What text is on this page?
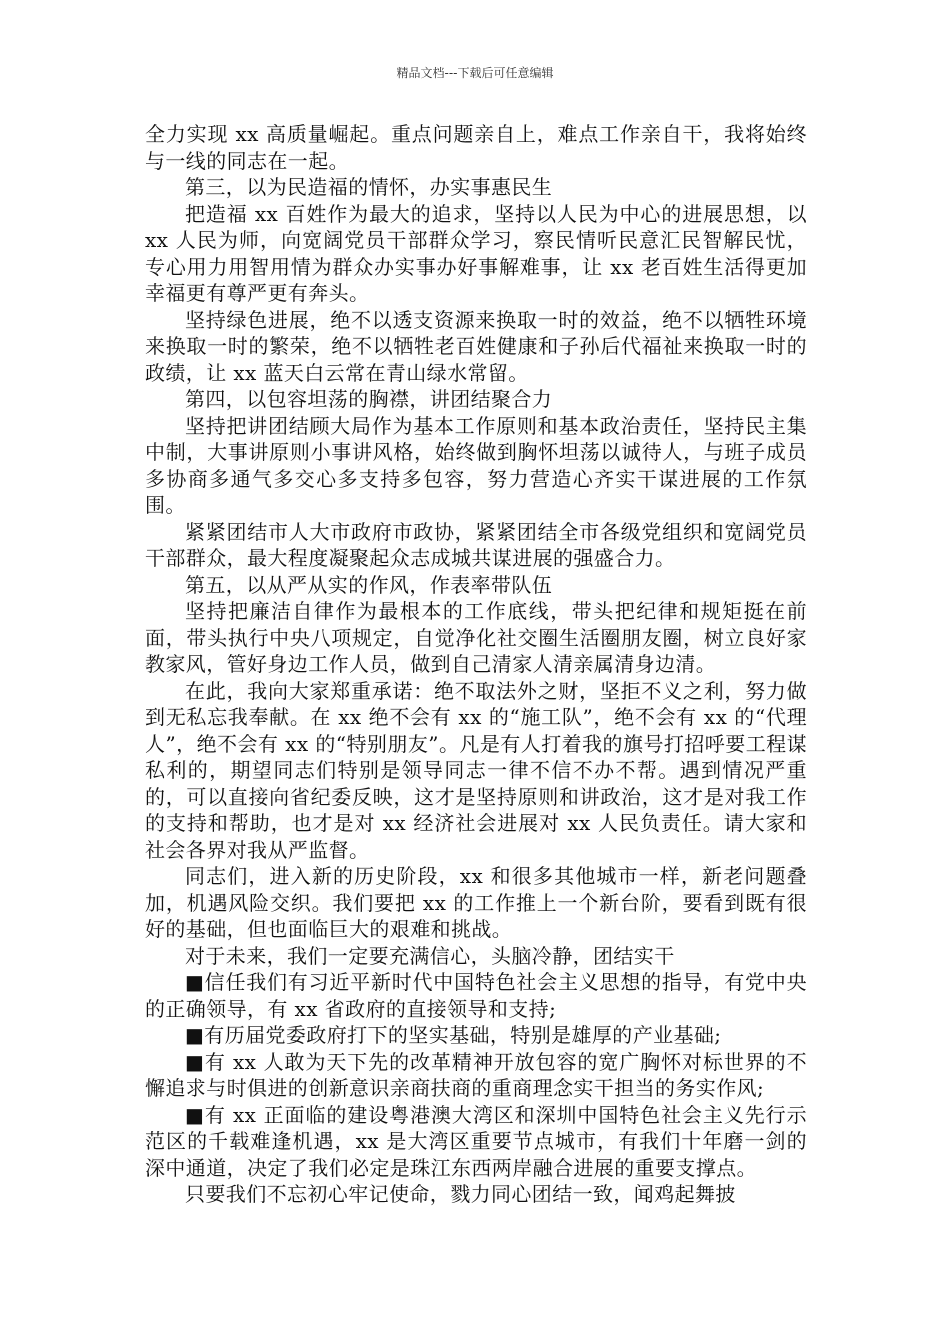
精品文档---下载后可任意编辑

全力实现 xx 高质量崛起。重点问题亲自上，难点工作亲自干，我将始终与一线的同志在一起。

第三，以为民造福的情怀，办实事惠民生

把造福 xx 百姓作为最大的追求，坚持以人民为中心的进展思想，以 xx 人民为师，向宽阔党员干部群众学习，察民情听民意汇民智解民忧，专心用力用智用情为群众办实事办好事解难事，让 xx 老百姓生活得更加幸福更有尊严更有奔头。

坚持绿色进展，绝不以透支资源来换取一时的效益，绝不以牺牲环境来换取一时的繁荣，绝不以牺牲老百姓健康和子孙后代福祉来换取一时的政绩，让 xx 蓝天白云常在青山绿水常留。

第四，以包容坦荡的胸襟，讲团结聚合力

坚持把讲团结顾大局作为基本工作原则和基本政治责任，坚持民主集中制，大事讲原则小事讲风格，始终做到胸怀坦荡以诚待人，与班子成员多协商多通气多交心多支持多包容，努力营造心齐实干谋进展的工作氛围。

紧紧团结市人大市政府市政协，紧紧团结全市各级党组织和宽阔党员干部群众，最大程度凝聚起众志成城共谋进展的强盛合力。

第五，以从严从实的作风，作表率带队伍

坚持把廉洁自律作为最根本的工作底线，带头把纪律和规矩挺在前面，带头执行中央八项规定，自觉净化社交圈生活圈朋友圈，树立良好家教家风，管好身边工作人员，做到自己清家人清亲属清身边清。

在此，我向大家郑重承诺：绝不取法外之财，坚拒不义之利，努力做到无私忘我奉献。在 xx 绝不会有 xx 的“施工队”，绝不会有 xx 的“代理人”，绝不会有 xx 的“特别朋友”。凡是有人打着我的旗号打招呼要工程谋私利的，期望同志们特别是领导同志一律不信不办不帮。遇到情况严重的，可以直接向省纪委反映，这才是坚持原则和讲政治，这才是对我工作的支持和帮助，也才是对 xx 经济社会进展对 xx 人民负责任。请大家和社会各界对我从严监督。

同志们，进入新的历史阶段，xx 和很多其他城市一样，新老问题叠加，机遇风险交织。我们要把 xx 的工作推上一个新台阶，要看到既有很好的基础，但也面临巨大的艰难和挑战。

对于未来，我们一定要充满信心，头脑冷静，团结实干

■信任我们有习近平新时代中国特色社会主义思想的指导，有党中央的正确领导，有 xx 省政府的直接领导和支持;

■有历届党委政府打下的坚实基础，特别是雄厚的产业基础;

■有 xx 人敢为天下先的改革精神开放包容的宽广胸怀对标世界的不懈追求与时俱进的创新意识亲商扶商的重商理念实干担当的务实作风;

■有 xx 正面临的建设粤港澳大湾区和深圳中国特色社会主义先行示范区的千载难逢机遇，xx 是大湾区重要节点城市，有我们十年磨一剑的深中通道，决定了我们必定是珠江东西两岸融合进展的重要支撑点。

只要我们不忘初心牢记使命，戮力同心团结一致，闻鸡起舞披
